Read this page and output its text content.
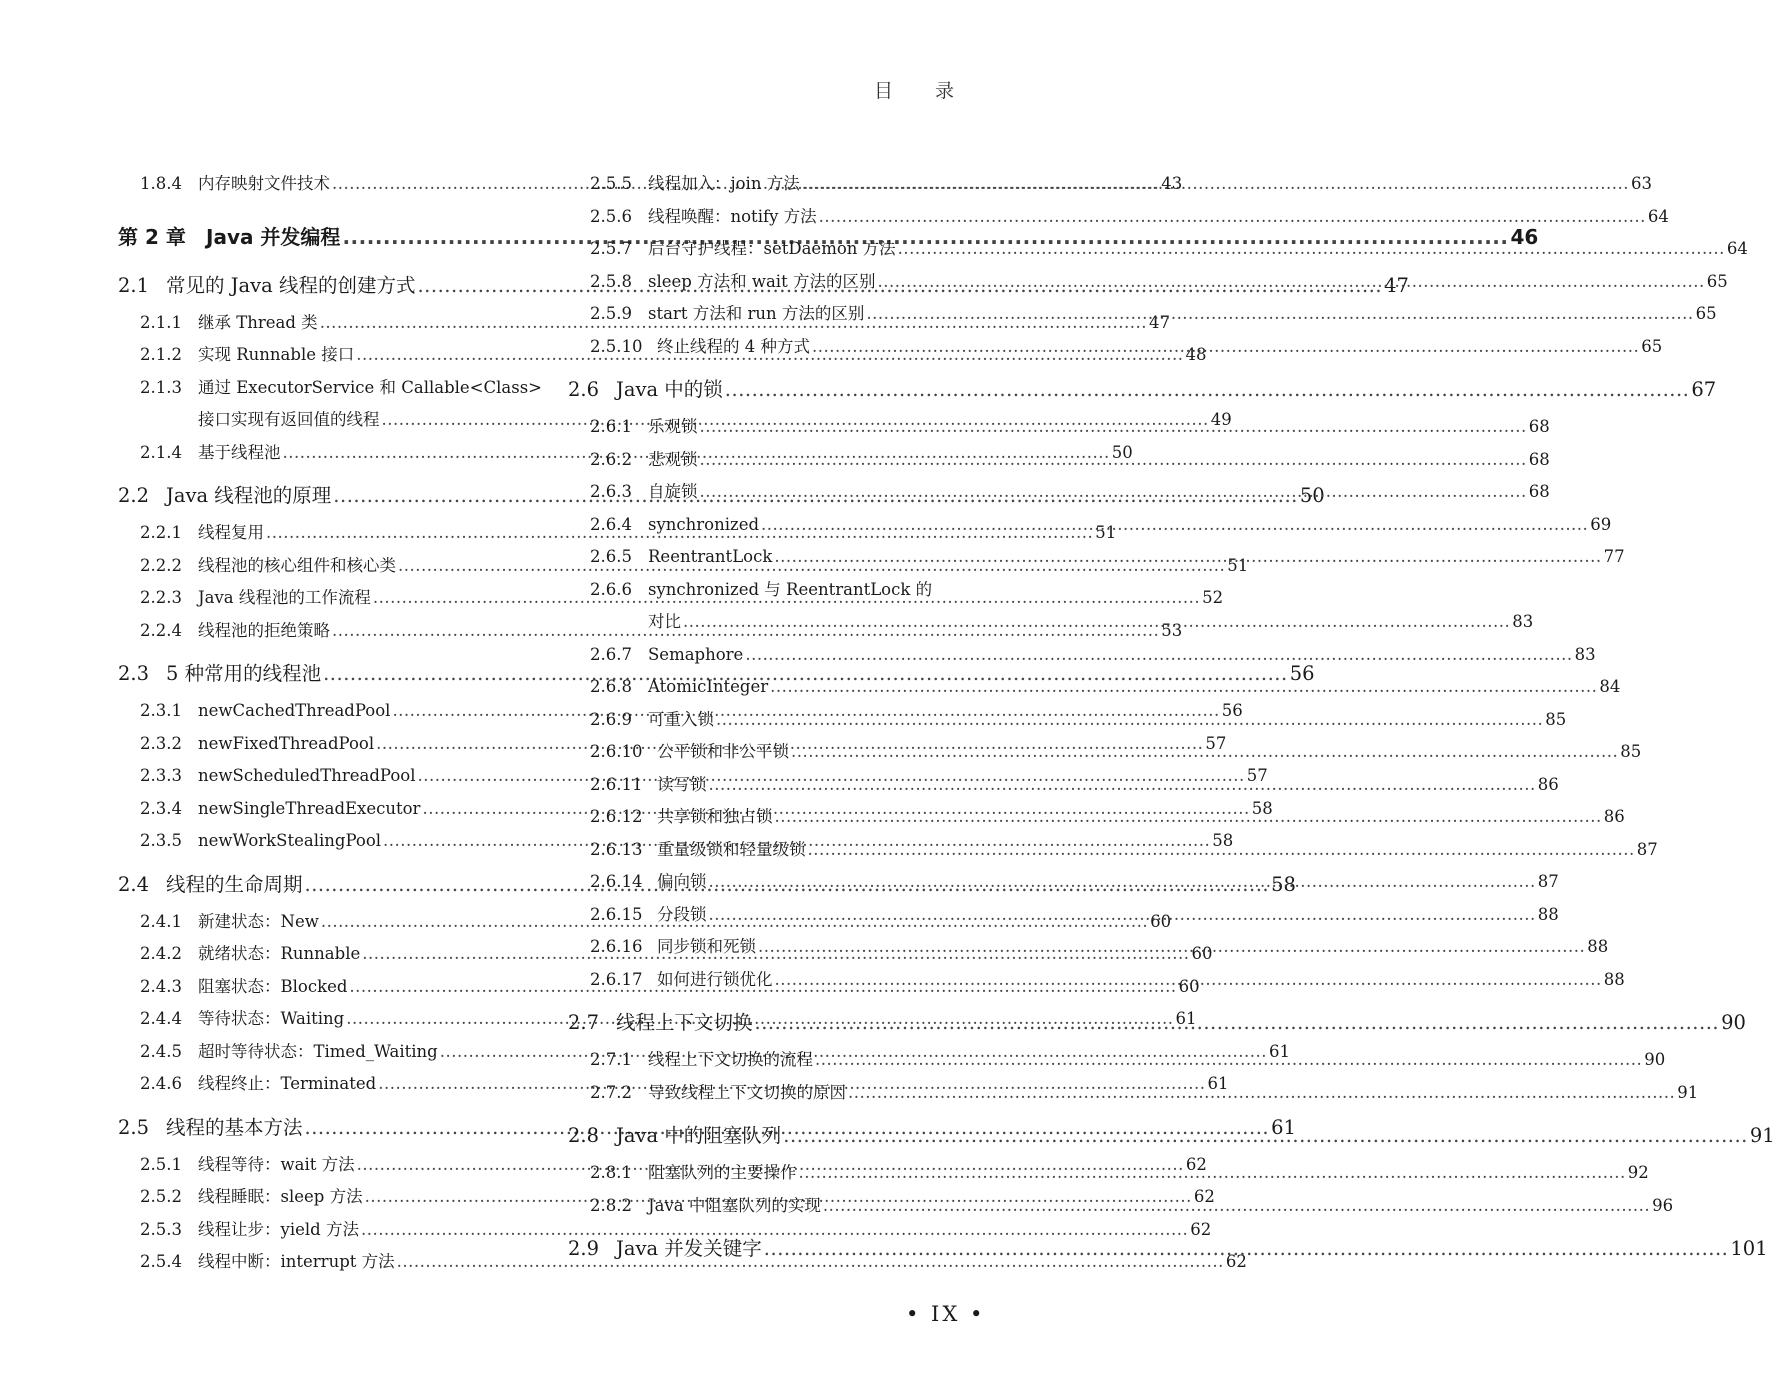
目 录
1.8.4 内存映射文件技术 .....	43
第 2 章	Java 并发编程 .....	46
2.1 常见的 Java 线程的创建方式 .....	47
2.1.1 继承 Thread 类 .....	47
2.1.2 实现 Runnable 接口 .....	48
2.1.3 通过 ExecutorService 和 Callable<Class>
接口实现有返回值的线程 .....	49
2.1.4 基于线程池 .....	50
2.2 Java 线程池的原理 .....	50
2.2.1 线程复用 .....	51
2.2.2 线程池的核心组件和核心类 .....	51
2.2.3 Java 线程池的工作流程 .....	52
2.2.4 线程池的拒绝策略 .....	53
2.3 5 种常用的线程池 .....	56
2.3.1 newCachedThreadPool .....	56
2.3.2 newFixedThreadPool .....	57
2.3.3 newScheduledThreadPool .....	57
2.3.4 newSingleThreadExecutor .....	58
2.3.5 newWorkStealingPool .....	58
2.4 线程的生命周期 .....	58
2.4.1 新建状态：New .....	60
2.4.2 就绪状态：Runnable .....	60
2.4.3 阻塞状态：Blocked .....	60
2.4.4 等待状态：Waiting .....	61
2.4.5 超时等待状态：Timed_Waiting .....	61
2.4.6 线程终止：Terminated .....	61
2.5 线程的基本方法 .....	61
2.5.1 线程等待：wait 方法 .....	62
2.5.2 线程睡眠：sleep 方法 .....	62
2.5.3 线程让步：yield 方法 .....	62
2.5.4 线程中断：interrupt 方法 .....	62
2.5.5 线程加入：join 方法 .....	63
2.5.6 线程唤醒：notify 方法 .....	64
2.5.7 后台守护线程：setDaemon 方法 .....	64
2.5.8 sleep 方法和 wait 方法的区别 .....	65
2.5.9 start 方法和 run 方法的区别 .....	65
2.5.10 终止线程的 4 种方式 .....	65
2.6 Java 中的锁 .....	67
2.6.1 乐观锁 .....	68
2.6.2 悲观锁 .....	68
2.6.3 自旋锁 .....	68
2.6.4 synchronized .....	69
2.6.5 ReentrantLock .....	77
2.6.6 synchronized 与 ReentrantLock 的
对比 .....	83
2.6.7 Semaphore .....	83
2.6.8 AtomicInteger .....	84
2.6.9 可重入锁 .....	85
2.6.10 公平锁和非公平锁 .....	85
2.6.11 读写锁 .....	86
2.6.12 共享锁和独占锁 .....	86
2.6.13 重量级锁和轻量级锁 .....	87
2.6.14 偏向锁 .....	87
2.6.15 分段锁 .....	88
2.6.16 同步锁和死锁 .....	88
2.6.17 如何进行锁优化 .....	88
2.7 线程上下文切换 .....	90
2.7.1 线程上下文切换的流程 .....	90
2.7.2 导致线程上下文切换的原因 .....	91
2.8 Java 中的阻塞队列 .....	91
2.8.1 阻塞队列的主要操作 .....	92
2.8.2 Java 中阻塞队列的实现 .....	96
2.9 Java 并发关键字 .....	101
• IX •
